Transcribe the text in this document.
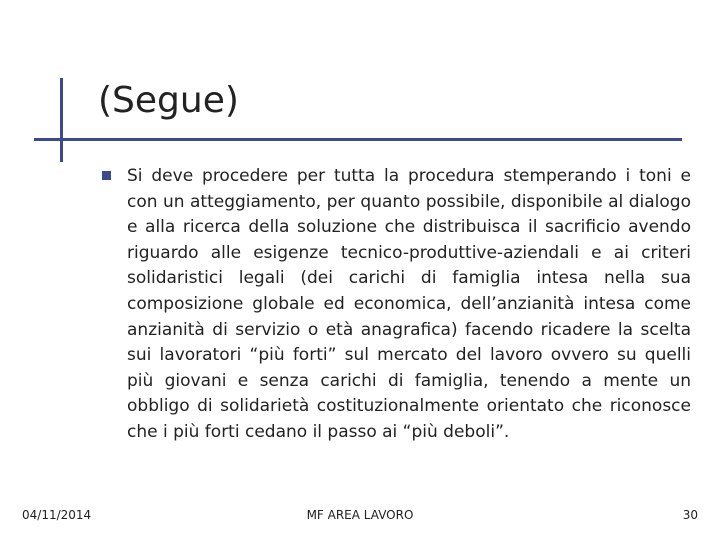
(Segue)
Si deve procedere per tutta la procedura stemperando i toni e con un atteggiamento, per quanto possibile, disponibile al dialogo e alla ricerca della soluzione che distribuisca il sacrificio avendo riguardo alle esigenze tecnico-produttive-aziendali e ai criteri solidaristici legali (dei carichi di famiglia intesa nella sua composizione globale ed economica, dell’anzianità intesa come anzianità di servizio o età anagrafica) facendo ricadere la scelta sui lavoratori “più forti” sul mercato del lavoro ovvero su quelli più giovani e senza carichi di famiglia, tenendo a mente un obbligo di solidarietà costituzionalmente orientato che riconosce che i più forti cedano il passo ai “più deboli”.
04/11/2014	MF AREA LAVORO	30
